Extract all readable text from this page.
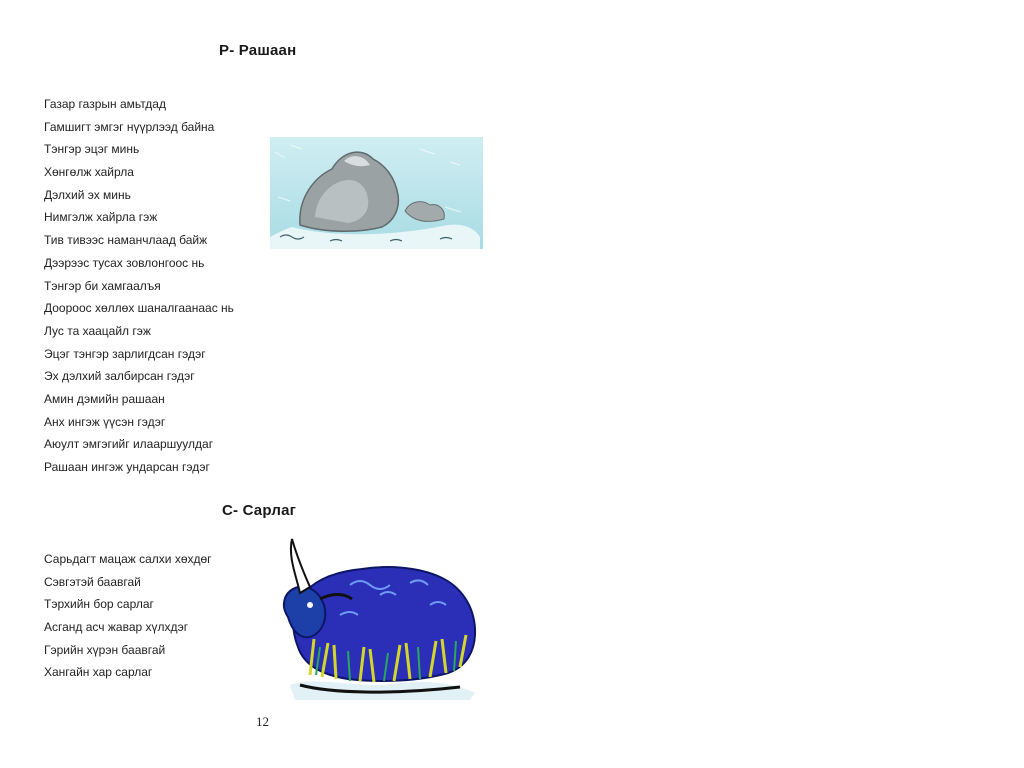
Р- Рашаан
Газар газрын амьтдад
Гамшигт эмгэг нүүрлээд байна
Тэнгэр эцэг минь
Хөнгөлж хайрла
Дэлхий эх минь
Нимгэлж хайрла гэж
Тив тивээс наманчлаад байж
Дээрээс тусах зовлонгоос нь
Тэнгэр би хамгаалъя
Доороос хөллөх шаналгаанаас нь
Лус та хаацайл гэж
Эцэг тэнгэр зарлигдсан гэдэг
Эх дэлхий залбирсан гэдэг
Амин дэмийн рашаан
Анх ингэж үүсэн гэдэг
Аюулт эмгэгийг илааршуулдаг
Рашаан ингэж ундарсан гэдэг
С- Сарлаг
Сарьдагт мацаж салхи хөхдөг
Сэвгэтэй баавгай
Тэрхийн бор сарлаг
Асганд асч жавар хүлхдэг
Гэрийн хүрэн баавгай
Хангайн хар сарлаг
12
